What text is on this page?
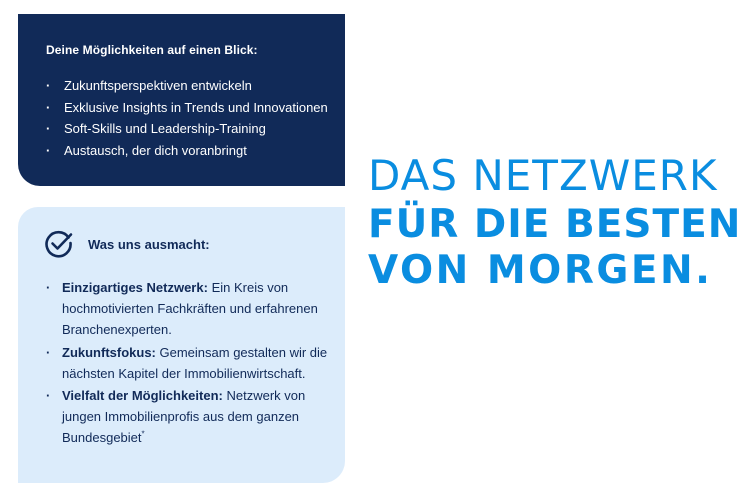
Deine Möglichkeiten auf einen Blick:
· Zukunftsperspektiven entwickeln
· Exklusive Insights in Trends und Innovationen
· Soft-Skills und Leadership-Training
· Austausch, der dich voranbringt
Was uns ausmacht:
· Einzigartiges Netzwerk: Ein Kreis von hochmotivierten Fachkräften und erfahrenen Branchenexperten.
· Zukunftsfokus: Gemeinsam gestalten wir die nächsten Kapitel der Immobilienwirtschaft.
· Vielfalt der Möglichkeiten: Netzwerk von jungen Immobilienprofis aus dem ganzen Bundesgebiet*
DAS NETZWERK
FÜR DIE BESTEN
VON MORGEN.
